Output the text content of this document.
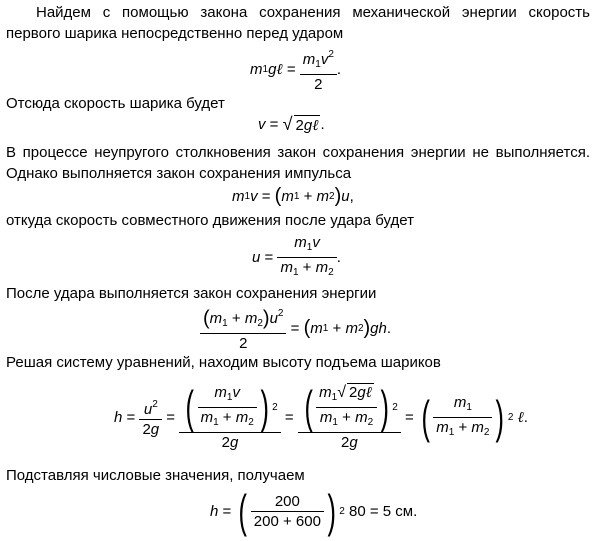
Найдем с помощью закона сохранения механической энергии скорость первого шарика непосредственно перед ударом
m 1 g ℓ = $\frac{m_1v^2}{2}$ .
Отсюда скорость шарика будет
v = √ 2gℓ .
В процессе неупругого столкновения закон сохранения энергии не выполняется. Однако выполняется закон сохранения импульса
m 1 v = ( m 1 + m 2 ) u ,
откуда скорость совместного движения после удара будет
$u = \frac{m_1v}{m_1 + m_2}$ .
После удара выполняется закон сохранения энергии
$\frac{(m_1 + m_2)u^2}{2}$ = ( m 1 + m 2 ) gh .
Решая систему уравнений, находим высоту подъема шариков
$h = \frac{u^2}{2g} = \frac{( \frac{m_1v}{m_1 + m_2} ) 2}{2g} = \frac{( \frac{m_1√ 2g\ell}{m_1 + m_2} ) 2}{2g}$ = ( $\frac{m_1}{m_1 + m_2}$ ) 2
ℓ .
Подставляя числовые значения, получаем
h = ( $\frac{200}{200 + 600}$ ) 2
80
= 5 см.
